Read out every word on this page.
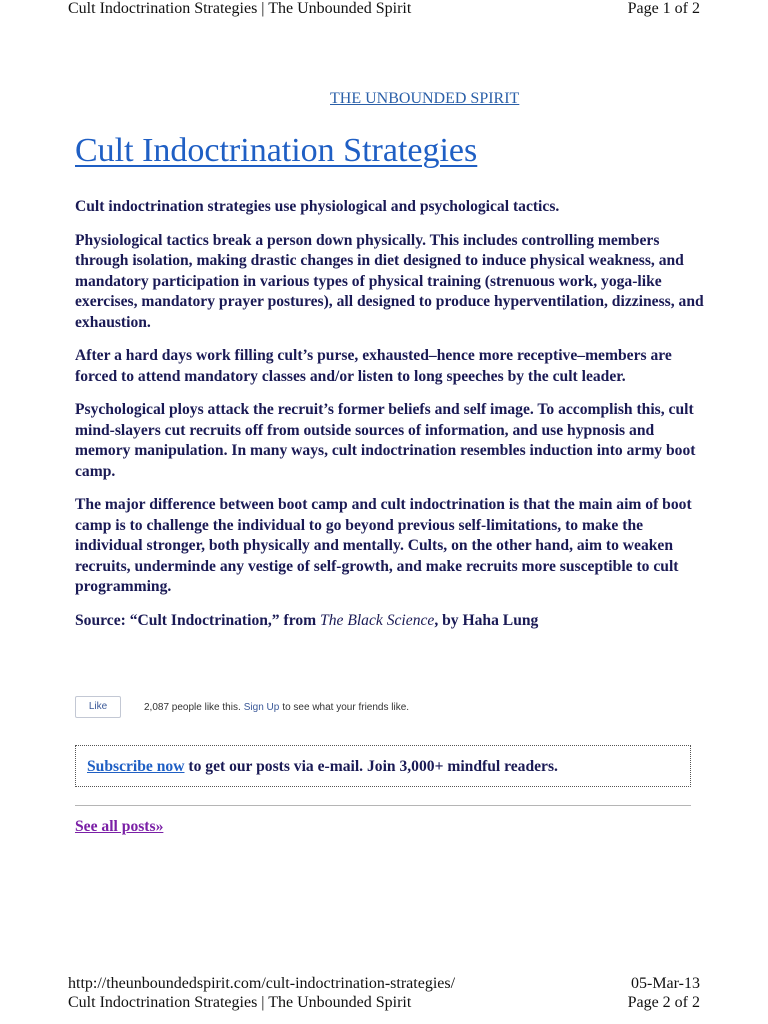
Cult Indoctrination Strategies | The Unbounded Spirit	Page 1 of 2
THE UNBOUNDED SPIRIT
Cult Indoctrination Strategies

Cult indoctrination strategies use physiological and psychological tactics.

Physiological tactics break a person down physically. This includes controlling members through isolation, making drastic changes in diet designed to induce physical weakness, and mandatory participation in various types of physical training (strenuous work, yoga-like exercises, mandatory prayer postures), all designed to produce hyperventilation, dizziness, and exhaustion.

After a hard days work filling cult’s purse, exhausted–hence more receptive–members are forced to attend mandatory classes and/or listen to long speeches by the cult leader.

Psychological ploys attack the recruit’s former beliefs and self image. To accomplish this, cult mind-slayers cut recruits off from outside sources of information, and use hypnosis and memory manipulation. In many ways, cult indoctrination resembles induction into army boot camp.

The major difference between boot camp and cult indoctrination is that the main aim of boot camp is to challenge the individual to go beyond previous self-limitations, to make the individual stronger, both physically and mentally. Cults, on the other hand, aim to weaken recruits, underminde any vestige of self-growth, and make recruits more susceptible to cult programming.

Source: “Cult Indoctrination,” from The Black Science, by Haha Lung

Like	2,087 people like this. Sign Up to see what your friends like.
Subscribe now to get our posts via e-mail. Join 3,000+ mindful readers.
See all posts»
http://theunboundedspirit.com/cult-indoctrination-strategies/	05-Mar-13
Cult Indoctrination Strategies | The Unbounded Spirit	Page 2 of 2
